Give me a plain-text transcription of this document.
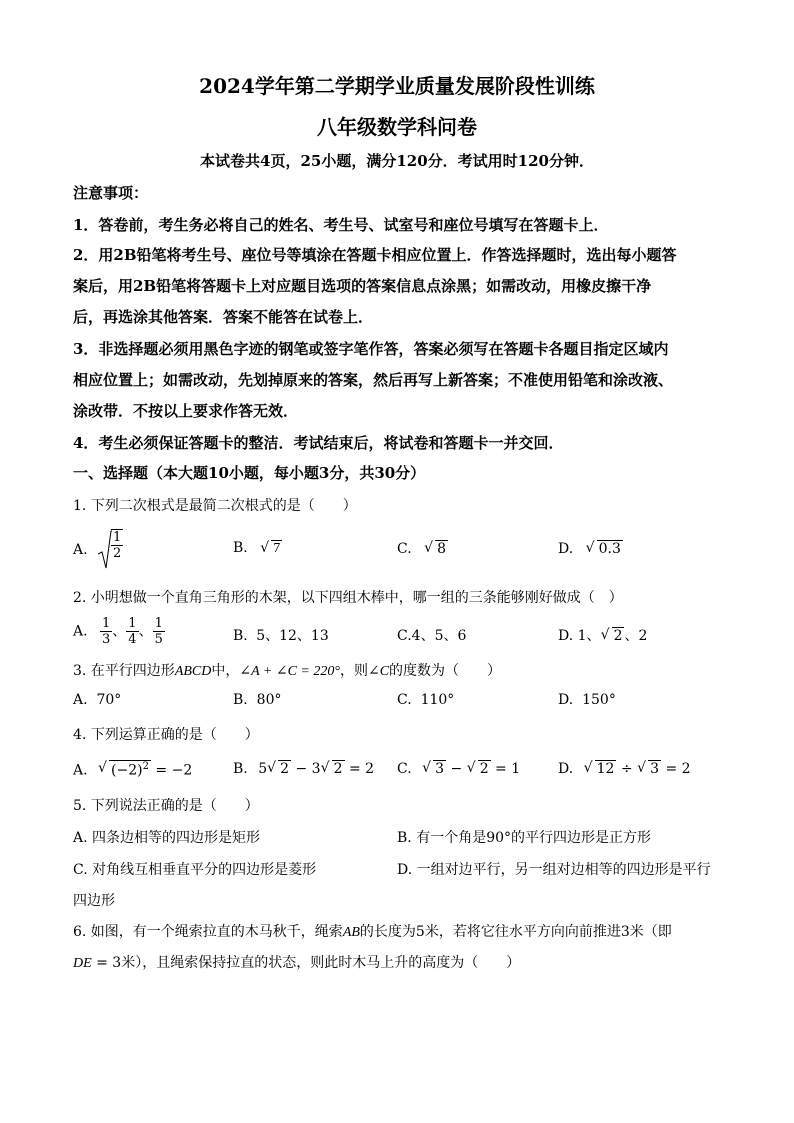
2024学年第二学期学业质量发展阶段性训练
八年级数学科问卷
本试卷共4页，25小题，满分120分．考试用时120分钟．
注意事项：
1．答卷前，考生务必将自己的姓名、考生号、试室号和座位号填写在答题卡上．
2．用2B铅笔将考生号、座位号等填涂在答题卡相应位置上．作答选择题时，选出每小题答
案后，用2B铅笔将答题卡上对应题目选项的答案信息点涂黑；如需改动，用橡皮擦干净
后，再选涂其他答案．答案不能答在试卷上．
3．非选择题必须用黑色字迹的钢笔或签字笔作答，答案必须写在答题卡各题目指定区域内
相应位置上；如需改动，先划掉原来的答案，然后再写上新答案；不准使用铅笔和涂改液、
涂改带．不按以上要求作答无效．
4．考生必须保证答题卡的整洁．考试结束后，将试卷和答题卡一并交回．
一、选择题（本大题10小题，每小题3分，共30分）
1. 下列二次根式是最简二次根式的是（　　）
A. $\frac{1}{2}$	B. √ 7	C. √ 8	D. √ 0.3
2. 小明想做一个直角三角形的木架，以下四组木棒中，哪一组的三条能够刚好做成（　）
A. $\frac{1}{3}$ 、 $\frac{1}{4}$ 、 $\frac{1}{5}$	B. 5、12、13	C.4、5、6	D. 1、 √ 2 、2
3. 在平行四边形ABCD中，∠A + ∠C = 220°，则∠C的度数为（　　）
A. 70°	B. 80°	C. 110°	D. 150°
4. 下列运算正确的是（　　）
A. √ $(-2)^2 = -2$	B. 5 √ 2 − 3 √ 2 = 2 C. √ 3 − √ 2 = 1	D. √ 12 ÷ √ 3 = 2
5. 下列说法正确的是（　　）
A. 四条边相等的四边形是矩形	B. 有一个角是90°的平行四边形是正方形
C. 对角线互相垂直平分的四边形是菱形	D. 一组对边平行，另一组对边相等的四边形是平行
四边形
6. 如图，有一个绳索拉直的木马秋千，绳索AB的长度为5米，若将它往水平方向向前推进3米（即
DE = 3米），且绳索保持拉直的状态，则此时木马上升的高度为（　　）
